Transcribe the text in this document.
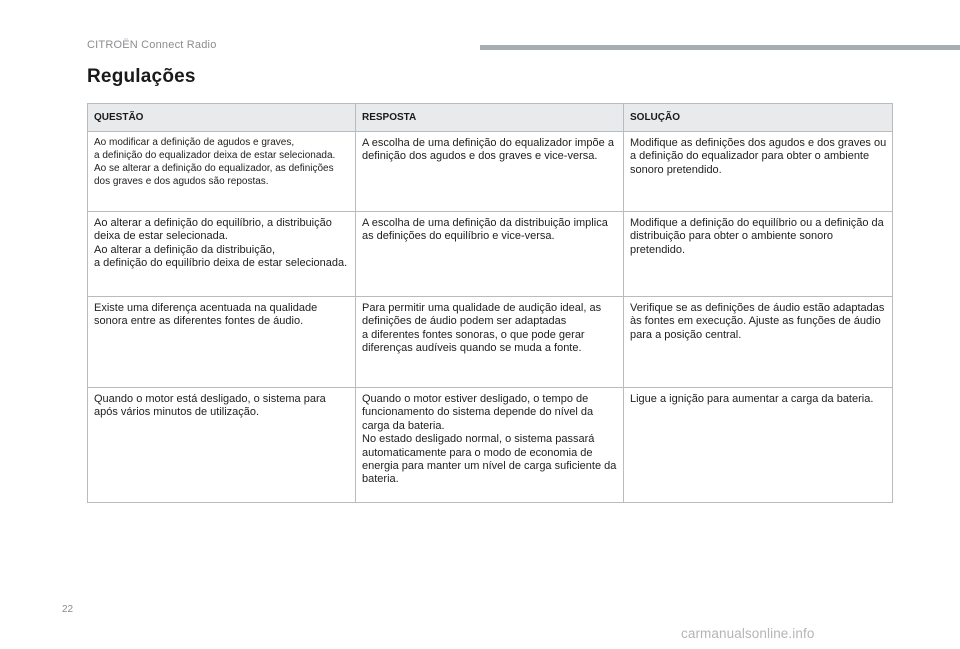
CITROËN Connect Radio
Regulações
QUESTÃO	RESPOSTA	SOLUÇÃO
Ao modificar a definição de agudos e graves,
a definição do equalizador deixa de estar selecionada.
Ao se alterar a definição do equalizador, as definições dos graves e dos agudos são repostas.	A escolha de uma definição do equalizador impõe a definição dos agudos e dos graves e vice-versa.	Modifique as definições dos agudos e dos graves ou a definição do equalizador para obter o ambiente sonoro pretendido.
Ao alterar a definição do equilíbrio, a distribuição deixa de estar selecionada.
Ao alterar a definição da distribuição,
a definição do equilíbrio deixa de estar selecionada.	A escolha de uma definição da distribuição implica as definições do equilíbrio e vice-versa.	Modifique a definição do equilíbrio ou a definição da distribuição para obter o ambiente sonoro pretendido.
Existe uma diferença acentuada na qualidade sonora entre as diferentes fontes de áudio.	Para permitir uma qualidade de audição ideal, as definições de áudio podem ser adaptadas
a diferentes fontes sonoras, o que pode gerar diferenças audíveis quando se muda a fonte.	Verifique se as definições de áudio estão adaptadas às fontes em execução. Ajuste as funções de áudio para a posição central.
Quando o motor está desligado, o sistema para após vários minutos de utilização.	Quando o motor estiver desligado, o tempo de funcionamento do sistema depende do nível da carga da bateria.
No estado desligado normal, o sistema passará automaticamente para o modo de economia de energia para manter um nível de carga suficiente da bateria.	Ligue a ignição para aumentar a carga da bateria.
22
carmanualsonline.info
